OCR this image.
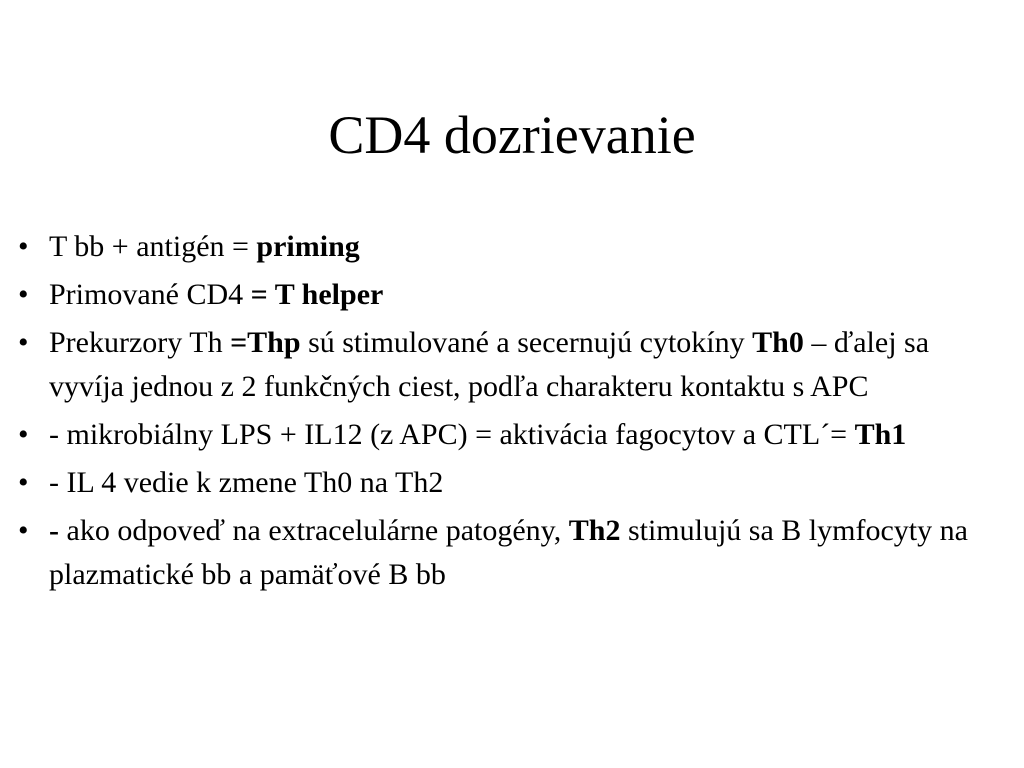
CD4 dozrievanie
• T bb + antigén = priming
• Primované CD4 = T helper
• Prekurzory Th =Thp sú stimulované a secernujú cytokíny Th0 – ďalej sa vyvíja jednou z 2 funkčných ciest, podľa charakteru kontaktu s APC
• - mikrobiálny LPS + IL12 (z APC) = aktivácia fagocytov a CTL´= Th1
• - IL 4 vedie k zmene Th0 na Th2
• - ako odpoveď na extracelulárne patogény, Th2 stimulujú sa B lymfocyty na plazmatické bb a pamäťové B bb
